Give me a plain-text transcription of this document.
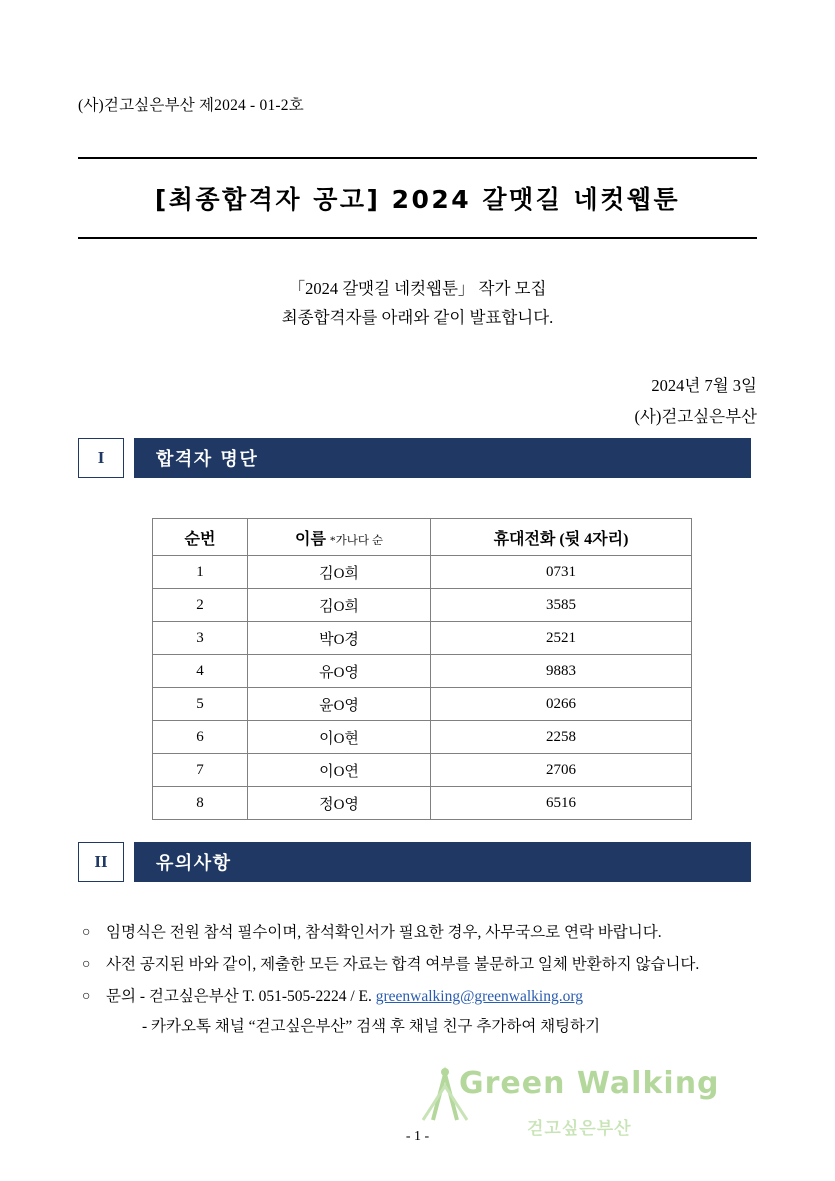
(사)걷고싶은부산 제2024 - 01-2호
[최종합격자 공고] 2024 갈맷길 네컷웹툰
「2024 갈맷길 네컷웹툰」 작가 모집
최종합격자를 아래와 같이 발표합니다.
2024년 7월 3일
(사)걷고싶은부산
I	합격자 명단
Green Walking
걷고싶은부산
순번	이름 *가나다 순	휴대전화 (뒷 4자리)
1	김O희	0731
2	김O희	3585
3	박O경	2521
4	유O영	9883
5	윤O영	0266
6	이O현	2258
7	이O연	2706
8	정O영	6516
II	유의사항
○	임명식은 전원 참석 필수이며, 참석확인서가 필요한 경우, 사무국으로 연락 바랍니다.
○	사전 공지된 바와 같이, 제출한 모든 자료는 합격 여부를 불문하고 일체 반환하지 않습니다.
○	문의 - 걷고싶은부산 T. 051-505-2224 / E. greenwalking@greenwalking.org
- 카카오톡 채널 “걷고싶은부산” 검색 후 채널 친구 추가하여 채팅하기
- 1 -
